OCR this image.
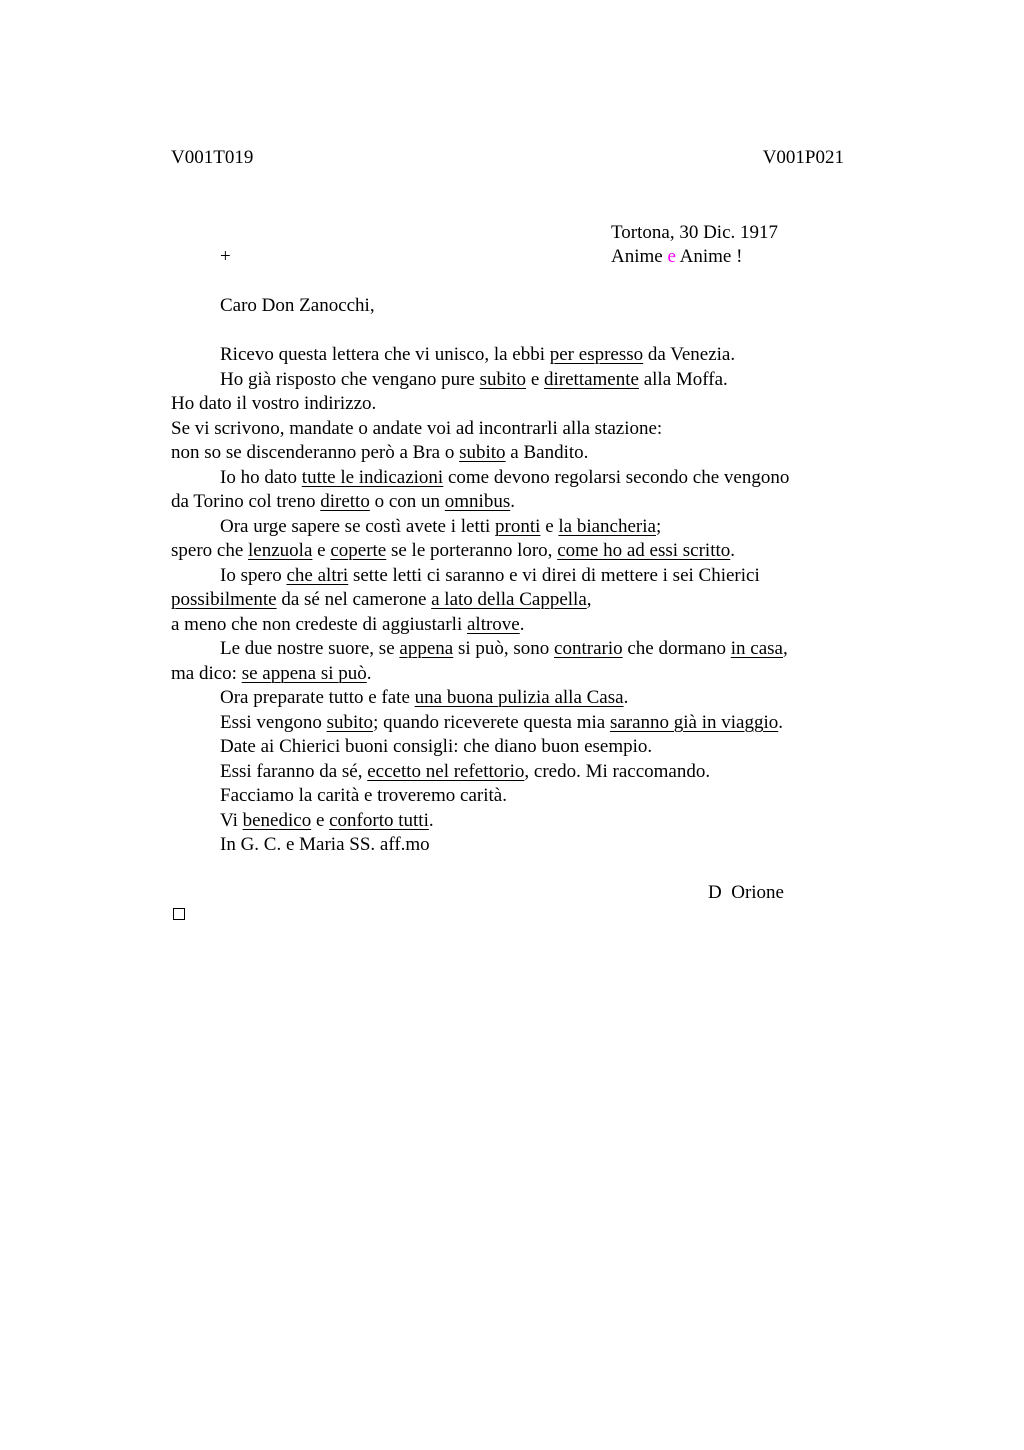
V001T019	V001P021
Tortona, 30 Dic. 1917
+	Anime e Anime !
Caro Don Zanocchi,
Ricevo questa lettera che vi unisco, la ebbi per espresso da Venezia.
Ho già risposto che vengano pure subito e direttamente alla Moffa.
Ho dato il vostro indirizzo.
Se vi scrivono, mandate o andate voi ad incontrarli alla stazione:
non so se discenderanno però a Bra o subito a Bandito.
Io ho dato tutte le indicazioni come devono regolarsi secondo che vengono
da Torino col treno diretto o con un omnibus.
Ora urge sapere se costì avete i letti pronti e la biancheria;
spero che lenzuola e coperte se le porteranno loro, come ho ad essi scritto.
Io spero che altri sette letti ci saranno e vi direi di mettere i sei Chierici
possibilmente da sé nel camerone a lato della Cappella,
a meno che non credeste di aggiustarli altrove.
Le due nostre suore, se appena si può, sono contrario che dormano in casa,
ma dico: se appena si può.
Ora preparate tutto e fate una buona pulizia alla Casa.
Essi vengono subito; quando riceverete questa mia saranno già in viaggio.
Date ai Chierici buoni consigli: che diano buon esempio.
Essi faranno da sé, eccetto nel refettorio, credo. Mi raccomando.
Facciamo la carità e troveremo carità.
Vi benedico e conforto tutti.
In G. C. e Maria SS. aff.mo
D  Orione
